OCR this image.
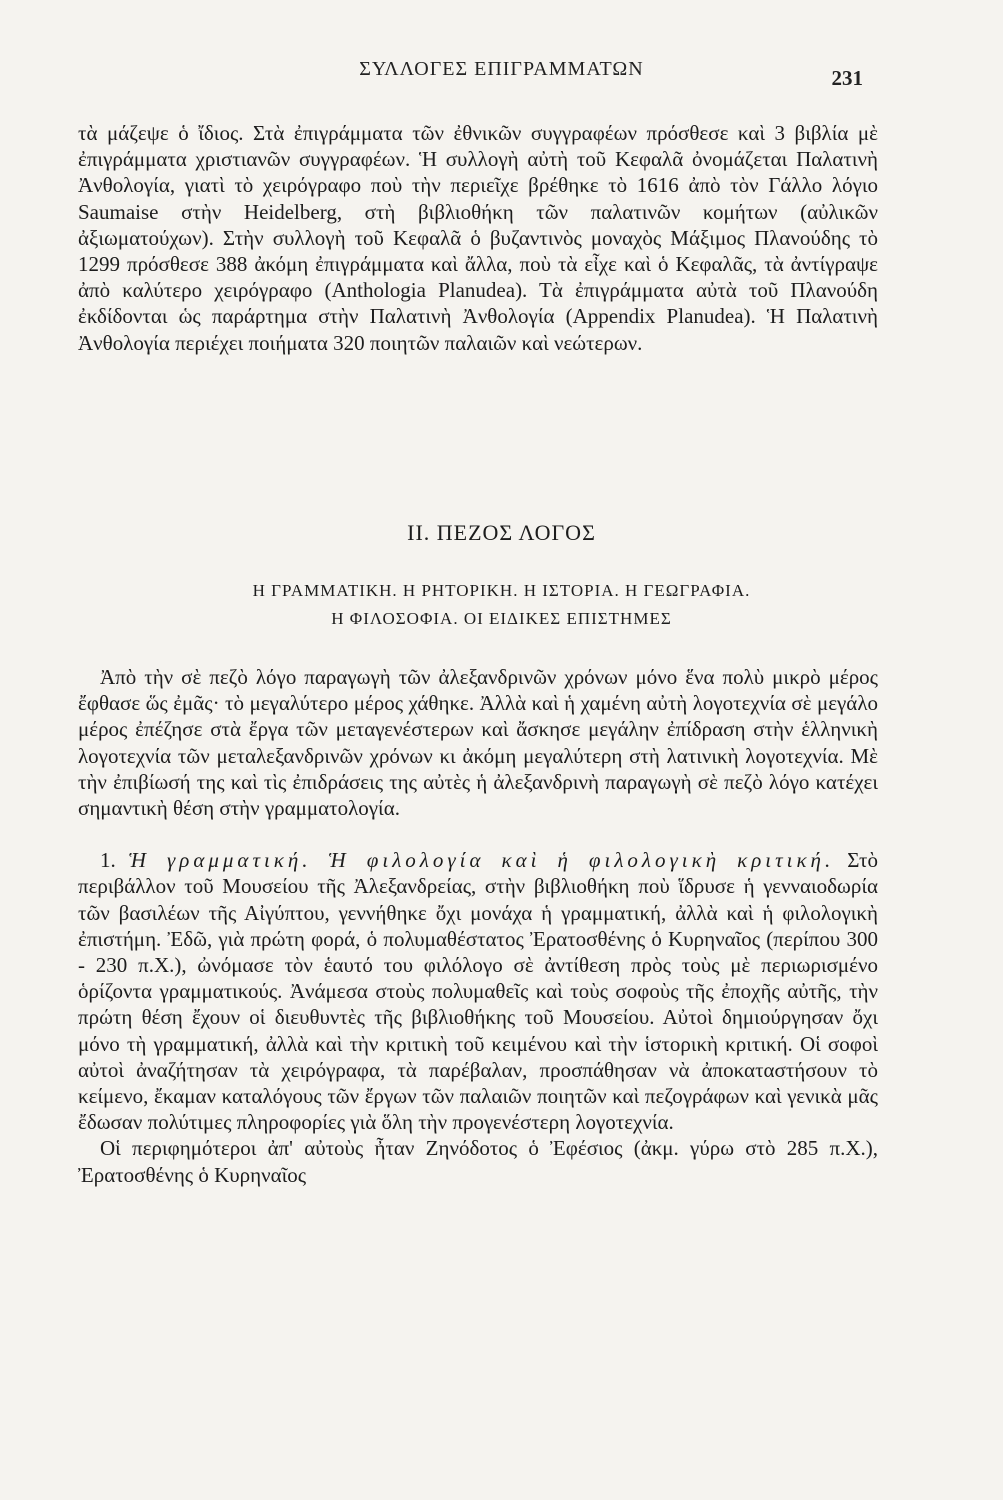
ΣΥΛΛΟΓΕΣ ΕΠΙΓΡΑΜΜΑΤΩΝ	231

τὰ μάζεψε ὁ ἴδιος. Στὰ ἐπιγράμματα τῶν ἐθνικῶν συγγραφέων πρόσθεσε καὶ 3 βιβλία μὲ ἐπιγράμματα χριστιανῶν συγγραφέων. Ἡ συλλογὴ αὐτὴ τοῦ Κεφαλᾶ ὀνομάζεται Παλατινὴ Ἀνθολογία, γιατὶ τὸ χειρόγραφο ποὺ τὴν περιεῖχε βρέθηκε τὸ 1616 ἀπὸ τὸν Γάλλο λόγιο Saumaise στὴν Heidelberg, στὴ βιβλιοθήκη τῶν παλατινῶν κομήτων (αὐλικῶν ἀξιωματούχων). Στὴν συλλογὴ τοῦ Κεφαλᾶ ὁ βυζαντινὸς μοναχὸς Μάξιμος Πλανούδης τὸ 1299 πρόσθεσε 388 ἀκόμη ἐπιγράμματα καὶ ἄλλα, ποὺ τὰ εἶχε καὶ ὁ Κεφαλᾶς, τὰ ἀντίγραψε ἀπὸ καλύτερο χειρόγραφο (Anthologia Planudea). Τὰ ἐπιγράμματα αὐτὰ τοῦ Πλανούδη ἐκδίδονται ὡς παράρτημα στὴν Παλατινὴ Ἀνθολογία (Appendix Planudea). Ἡ Παλατινὴ Ἀνθολογία περιέχει ποιήματα 320 ποιητῶν παλαιῶν καὶ νεώτερων.

II. ΠΕΖΟΣ ΛΟΓΟΣ
Η ΓΡΑΜΜΑΤΙΚΗ. Η ΡΗΤΟΡΙΚΗ. Η ΙΣΤΟΡΙΑ. Η ΓΕΩΓΡΑΦΙΑ.
Η ΦΙΛΟΣΟΦΙΑ. ΟΙ ΕΙΔΙΚΕΣ ΕΠΙΣΤΗΜΕΣ

Ἀπὸ τὴν σὲ πεζὸ λόγο παραγωγὴ τῶν ἀλεξανδρινῶν χρόνων μόνο ἕνα πολὺ μικρὸ μέρος ἔφθασε ὥς ἐμᾶς· τὸ μεγαλύτερο μέρος χάθηκε. Ἀλλὰ καὶ ἡ χαμένη αὐτὴ λογοτεχνία σὲ μεγάλο μέρος ἐπέζησε στὰ ἔργα τῶν μεταγενέστερων καὶ ἄσκησε μεγάλην ἐπίδραση στὴν ἑλληνικὴ λογοτεχνία τῶν μεταλεξανδρινῶν χρόνων κι ἀκόμη μεγαλύτερη στὴ λατινικὴ λογοτεχνία. Μὲ τὴν ἐπιβίωσή της καὶ τὶς ἐπιδράσεις της αὐτὲς ἡ ἀλεξανδρινὴ παραγωγὴ σὲ πεζὸ λόγο κατέχει σημαντικὴ θέση στὴν γραμματολογία.

1. Ἡ γραμματική. Ἡ φιλολογία καὶ ἡ φιλολογικὴ κριτική. Στὸ περιβάλλον τοῦ Μουσείου τῆς Ἀλεξανδρείας, στὴν βιβλιοθήκη ποὺ ἵδρυσε ἡ γενναιοδωρία τῶν βασιλέων τῆς Αἰγύπτου, γεννήθηκε ὄχι μονάχα ἡ γραμματική, ἀλλὰ καὶ ἡ φιλολογικὴ ἐπιστήμη. Ἐδῶ, γιὰ πρώτη φορά, ὁ πολυμαθέστατος Ἐρατοσθένης ὁ Κυρηναῖος (περίπου 300 - 230 π.Χ.), ὠνόμασε τὸν ἑαυτό του φιλόλογο σὲ ἀντίθεση πρὸς τοὺς μὲ περιωρισμένο ὁρίζοντα γραμματικούς. Ἀνάμεσα στοὺς πολυμαθεῖς καὶ τοὺς σοφοὺς τῆς ἐποχῆς αὐτῆς, τὴν πρώτη θέση ἔχουν οἱ διευθυντὲς τῆς βιβλιοθήκης τοῦ Μουσείου. Αὐτοὶ δημιούργησαν ὄχι μόνο τὴ γραμματική, ἀλλὰ καὶ τὴν κριτικὴ τοῦ κειμένου καὶ τὴν ἱστορικὴ κριτική. Οἱ σοφοὶ αὐτοὶ ἀναζήτησαν τὰ χειρόγραφα, τὰ παρέβαλαν, προσπάθησαν νὰ ἀποκαταστήσουν τὸ κείμενο, ἔκαμαν καταλόγους τῶν ἔργων τῶν παλαιῶν ποιητῶν καὶ πεζογράφων καὶ γενικὰ μᾶς ἔδωσαν πολύτιμες πληροφορίες γιὰ ὅλη τὴν προγενέστερη λογοτεχνία.

Οἱ περιφημότεροι ἀπ' αὐτοὺς ἦταν Ζηνόδοτος ὁ Ἐφέσιος (ἀκμ. γύρω στὸ 285 π.Χ.), Ἐρατοσθένης ὁ Κυρηναῖος
